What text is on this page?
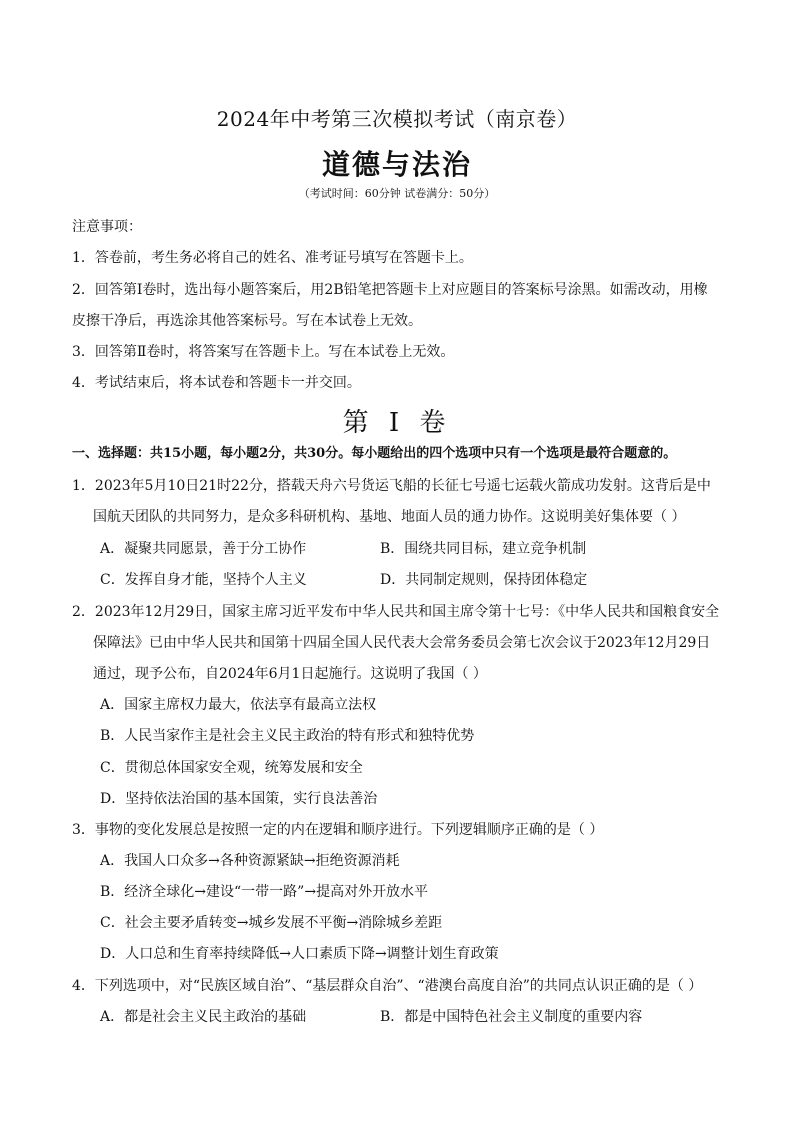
2024年中考第三次模拟考试（南京卷）
道德与法治
（考试时间：60分钟 试卷满分：50分）
注意事项：
1．答卷前，考生务必将自己的姓名、准考证号填写在答题卡上。
2．回答第Ⅰ卷时，选出每小题答案后，用2B铅笔把答题卡上对应题目的答案标号涂黑。如需改动，用橡
皮擦干净后，再选涂其他答案标号。写在本试卷上无效。
3．回答第Ⅱ卷时，将答案写在答题卡上。写在本试卷上无效。
4．考试结束后，将本试卷和答题卡一并交回。
第 I 卷
一、选择题：共15小题，每小题2分，共30分。每小题给出的四个选项中只有一个选项是最符合题意的。
1．2023年5月10日21时22分，搭载天舟六号货运飞船的长征七号遥七运载火箭成功发射。这背后是中
国航天团队的共同努力，是众多科研机构、基地、地面人员的通力协作。这说明美好集体要（ ）
A．凝聚共同愿景，善于分工协作	B．围绕共同目标，建立竞争机制
C．发挥自身才能，坚持个人主义	D．共同制定规则，保持团体稳定
2．2023年12月29日，国家主席习近平发布中华人民共和国主席令第十七号：《中华人民共和国粮食安全
保障法》已由中华人民共和国第十四届全国人民代表大会常务委员会第七次会议于2023年12月29日
通过，现予公布，自2024年6月1日起施行。这说明了我国（ ）
A．国家主席权力最大，依法享有最高立法权
B．人民当家作主是社会主义民主政治的特有形式和独特优势
C．贯彻总体国家安全观，统筹发展和安全
D．坚持依法治国的基本国策，实行良法善治
3．事物的变化发展总是按照一定的内在逻辑和顺序进行。下列逻辑顺序正确的是（ ）
A．我国人口众多→各种资源紧缺→拒绝资源消耗
B．经济全球化→建设“一带一路”→提高对外开放水平
C．社会主要矛盾转变→城乡发展不平衡→消除城乡差距
D．人口总和生育率持续降低→人口素质下降→调整计划生育政策
4．下列选项中，对“民族区域自治”、“基层群众自治”、“港澳台高度自治”的共同点认识正确的是（ ）
A．都是社会主义民主政治的基础	B．都是中国特色社会主义制度的重要内容
